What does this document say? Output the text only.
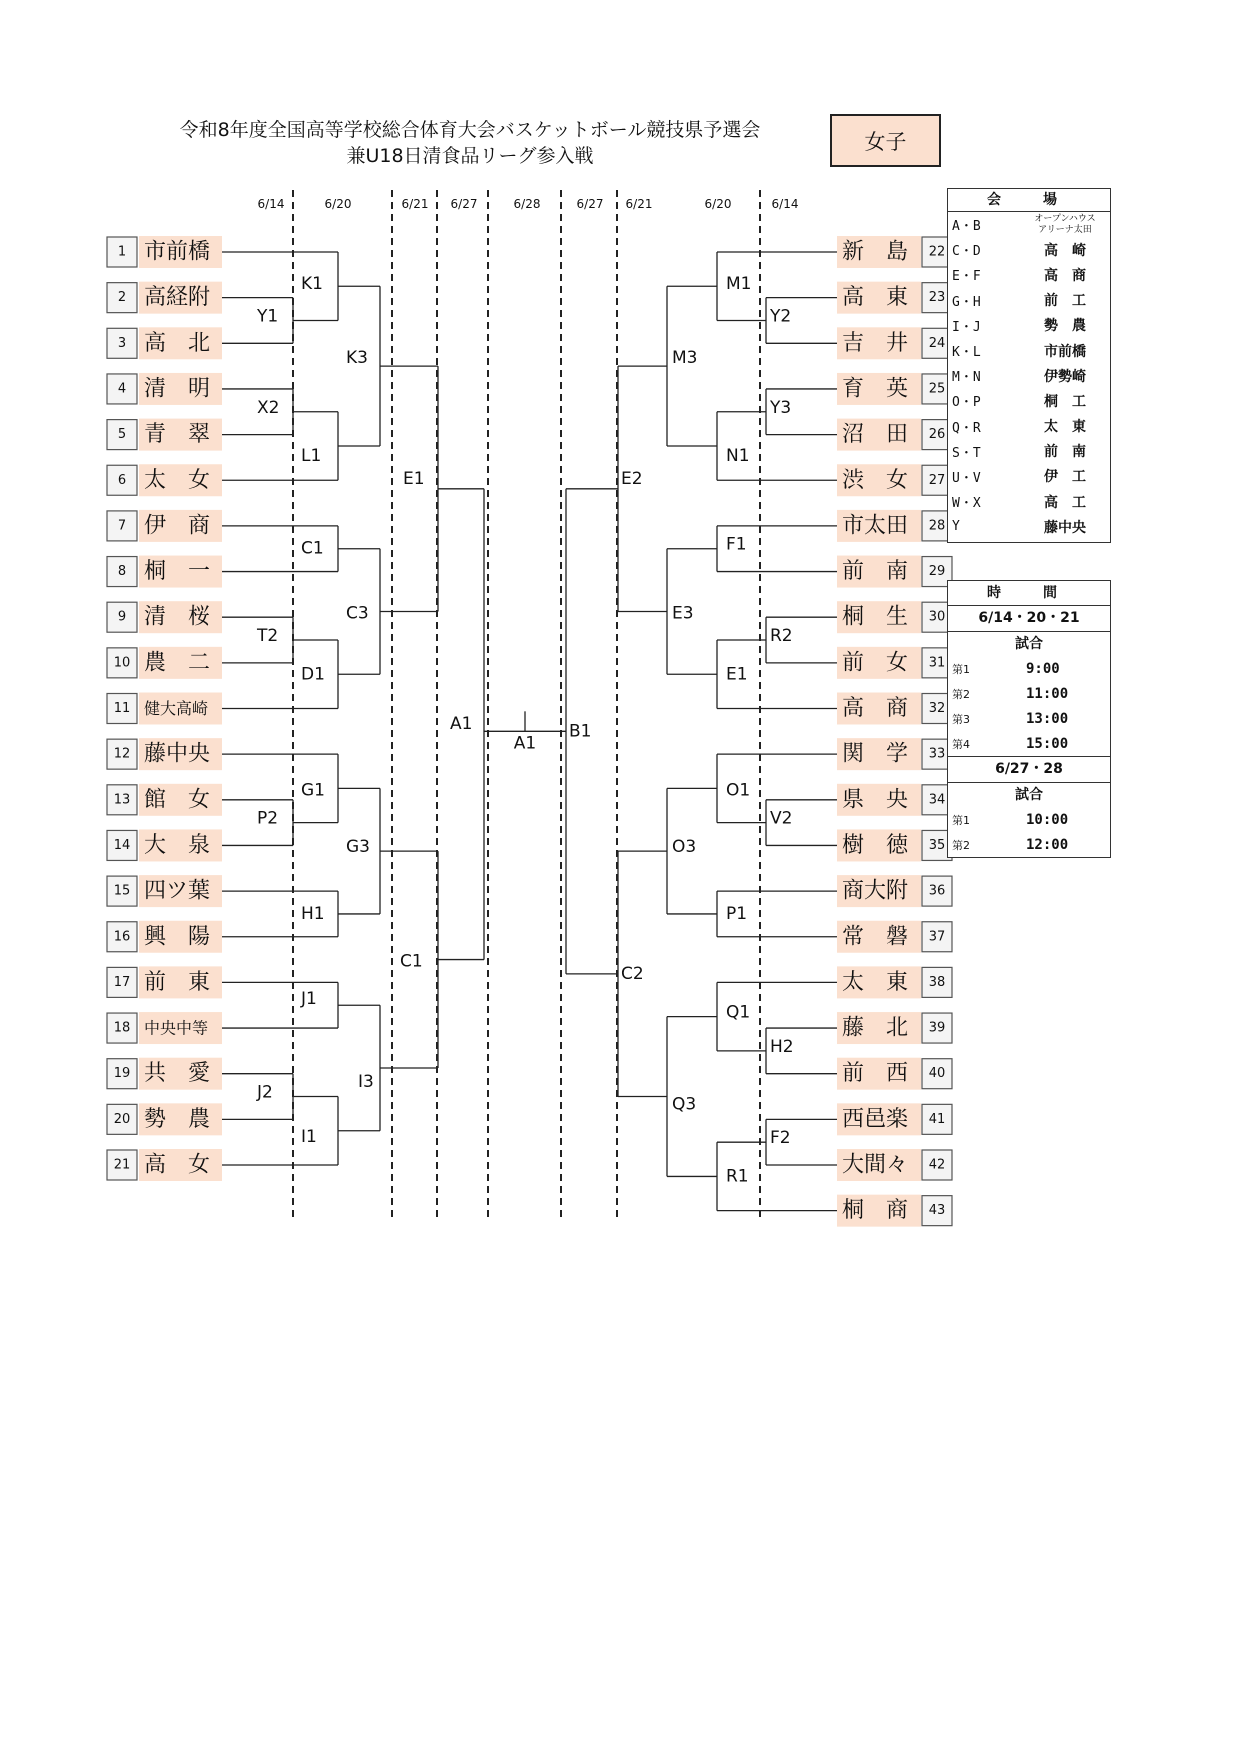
令和8年度全国高等学校総合体育大会バスケットボール競技県予選会
兼U18日清食品リーグ参入戦
女子
6/14	6/20	6/21 6/27	6/28	6/27 6/21	6/20	6/14
1 市前橋
2 高経附
3 高　北
4 清　明
5 青　翠
6 太　女
7 伊　商
8 桐　一
9 清　桜
10 農　二
11 健大高崎
12 藤中央
13 館　女
14 大　泉
15 四ツ葉
16 興　陽
17 前　東
18 中央中等
19 共　愛
20 勢　農
21 高　女
新　島 22
高　東 23
吉　井 24
育　英 25
沼　田 26
渋　女 27
市太田 28
前　南 29
桐　生 30
前　女 31
高　商 32
関　学 33
県　央 34
樹　徳 35
商大附 36
常　磐 37
太　東 38
藤　北 39
前　西 40
西邑楽 41
大間々 42
桐　商 43
Y1
K1
X2
L1
K3
C1
T2
D1
C3
E1
P2
G1
H1
G3
J1
J2
I1
I3
C1
A1
Y2
M1
Y3
N1
M3
F1
R2
E1
E3
E2
V2
O1
P1
O3
H2
Q1
F2
R1
Q3
C2
B1
A1
会　場
A・B
オープンハウス
アリーナ太田
C・D	高　崎
E・F	高　商
G・H	前　工
I・J	勢　農
K・L	市前橋
M・N	伊勢崎
O・P	桐　工
Q・R	太　東
S・T	前　南
U・V	伊　工
W・X	高　工
Y	藤中央
時　間
6/14・20・21
試合
第1	9:00
第2	11:00
第3	13:00
第4	15:00
6/27・28
試合
第1	10:00
第2	12:00
